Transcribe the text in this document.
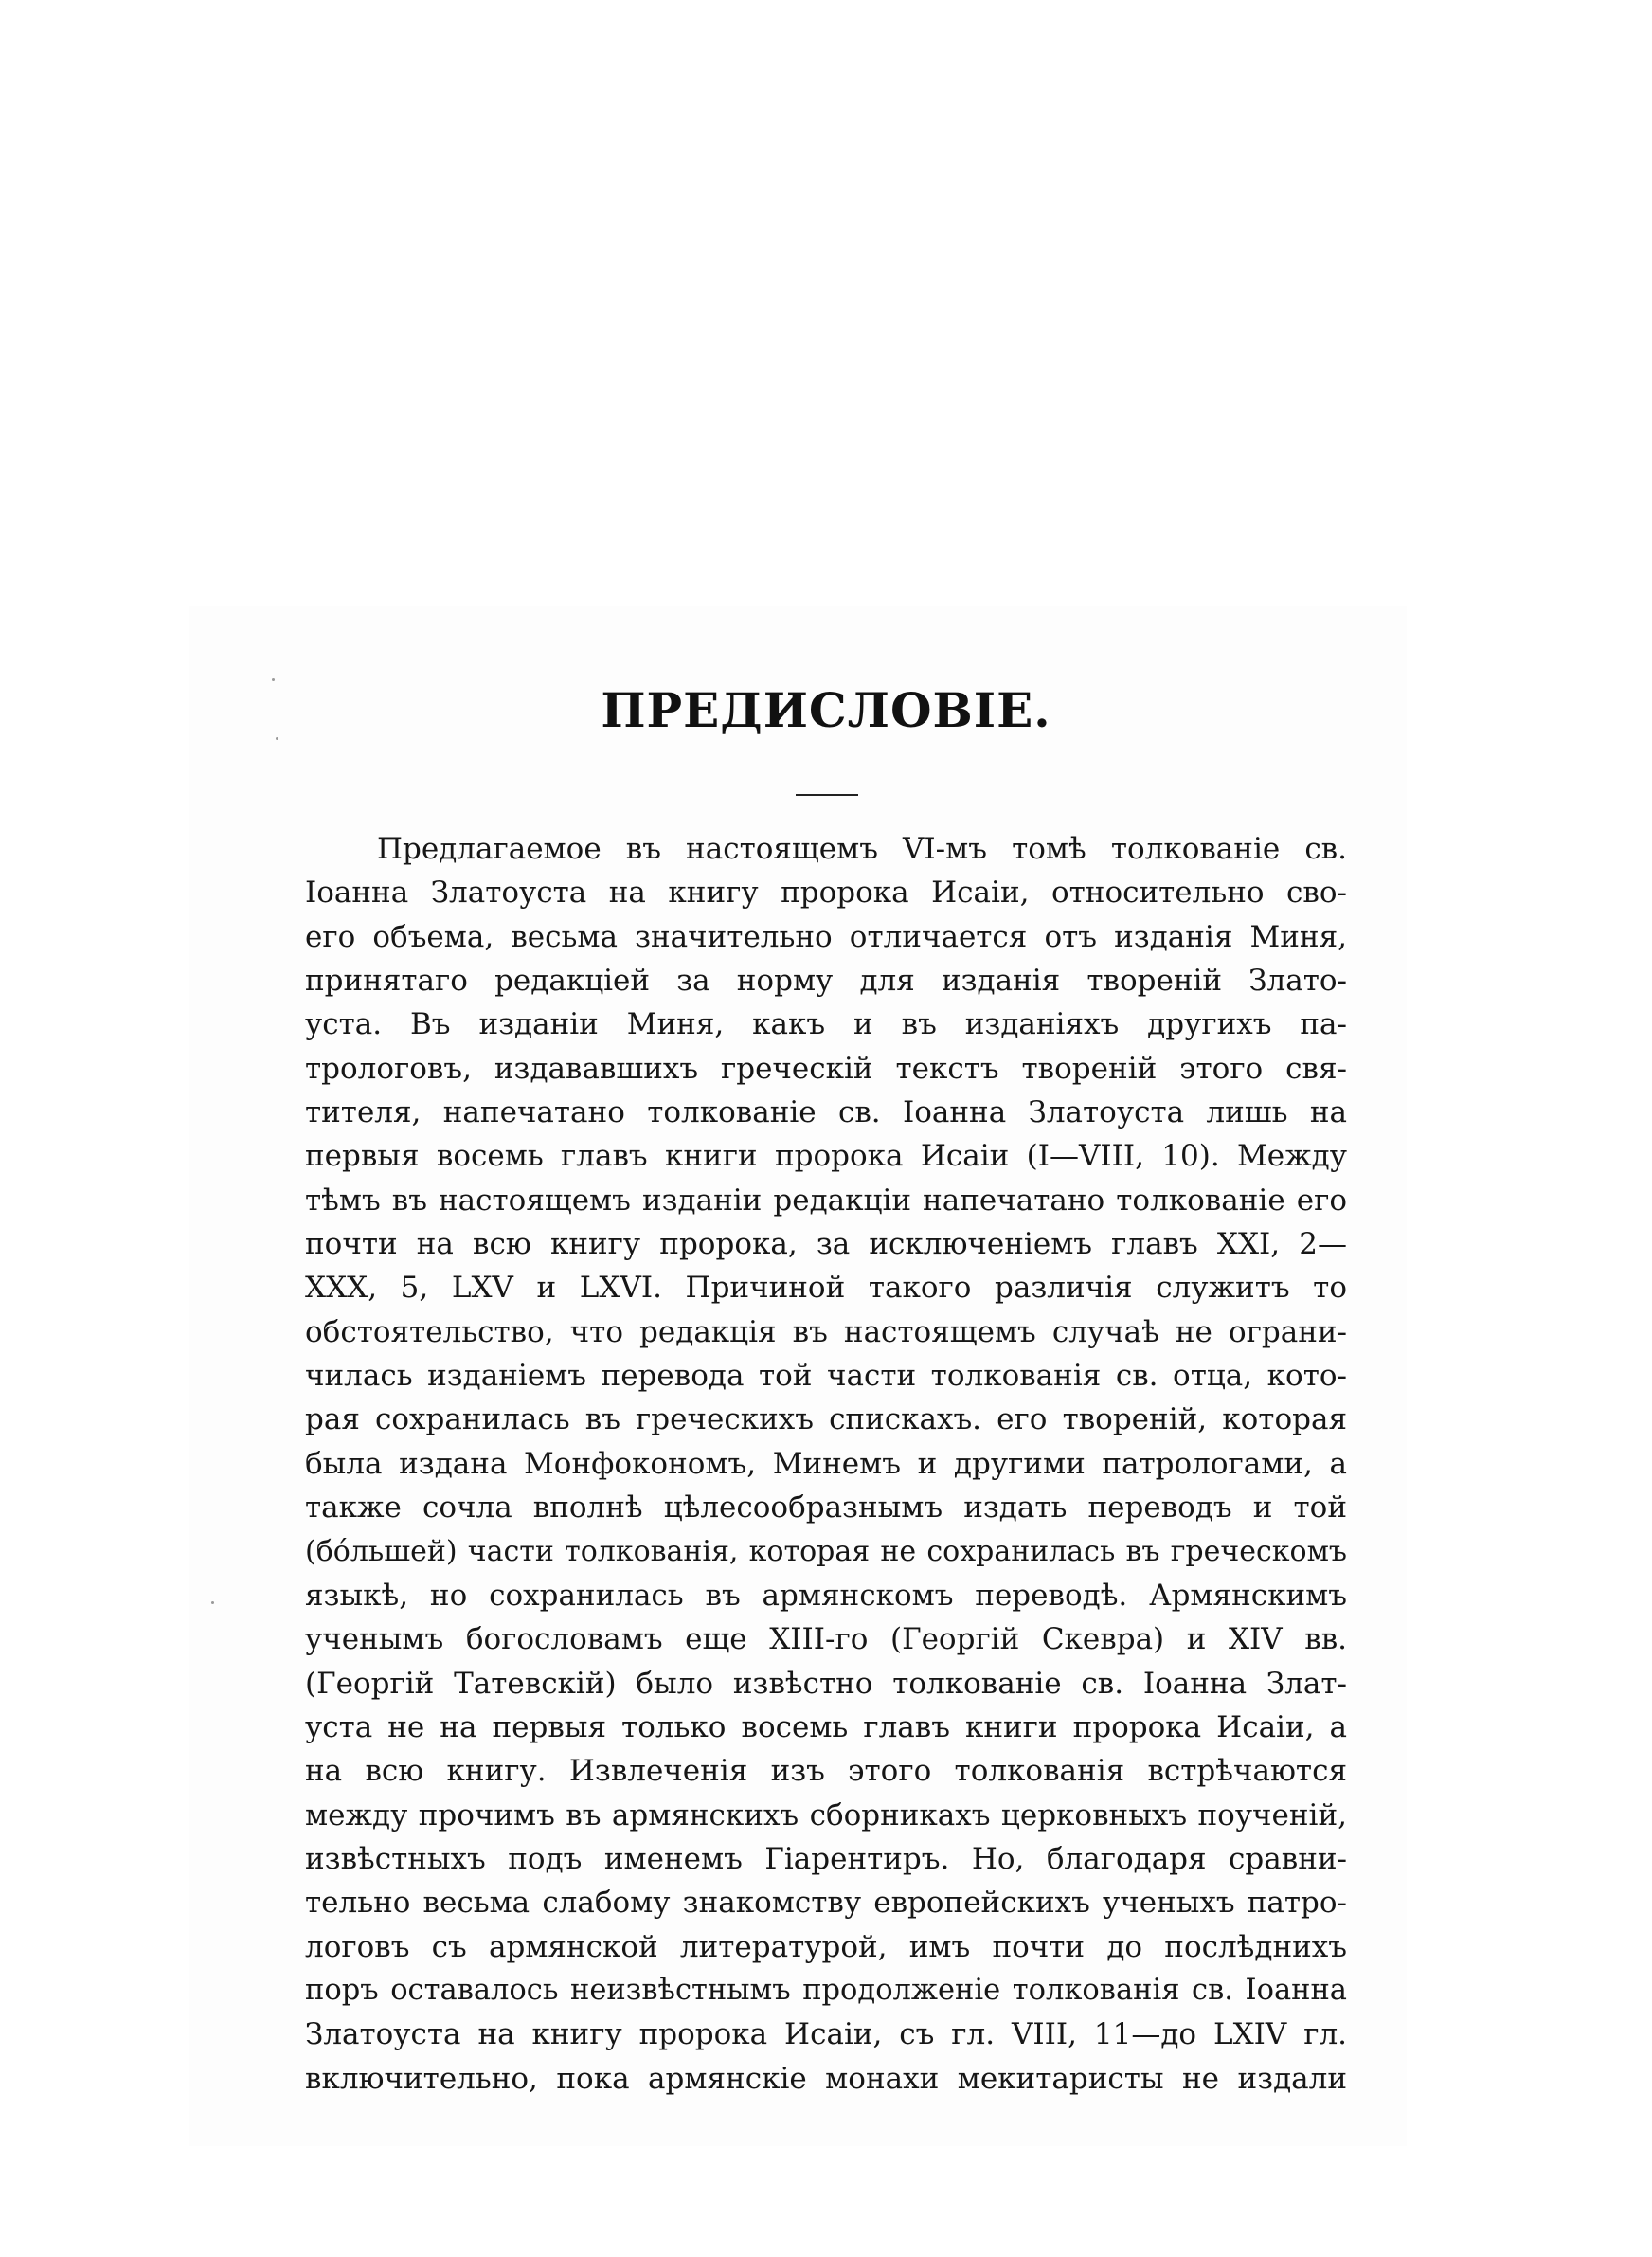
ПРЕДИСЛОВІЕ.
Предлагаемое въ настоящемъ VI-мъ томѣ толкованіе св.
Іоанна Златоуста на книгу пророка Исаіи, относительно сво-
его объема, весьма значительно отличается отъ изданія Миня,
принятаго редакціей за норму для изданія твореній Злато-
уста. Въ изданіи Миня, какъ и въ изданіяхъ другихъ па-
тpологовъ, издававшихъ греческій текстъ твореній этого свя-
тителя, напечатано толкованіе св. Іоанна Златоуста лишь на
первыя восемь главъ книги пророка Исаіи (I—VIII, 10). Между
тѣмъ въ настоящемъ изданіи редакціи напечатано толкованіе его
почти на всю книгу пророка, за исключеніемъ главъ XXI, 2—
XXX, 5, LXV и LXVI. Причиной такого различія служитъ то
обстоятельство, что редакція въ настоящемъ случаѣ не ограни-
чилась изданіемъ перевода той части толкованія св. отца, кото-
рая сохранилась въ греческихъ спискахъ. его твореній, которая
была издана Монфокономъ, Минемъ и другими патрологами, а
также сочла вполнѣ цѣлесообразнымъ издать переводъ и той
(бóльшей) части толкованія, которая не сохранилась въ греческомъ
языкѣ, но сохранилась въ армянскомъ переводѣ. Армянскимъ
ученымъ богословамъ еще XIII-го (Георгій Скевра) и XIV вв.
(Георгій Татевскій) было извѣстно толкованіе св. Іоанна Злат-
уста не на первыя только восемь главъ книги пророка Исаіи, а
на всю книгу. Извлеченія изъ этого толкованія встрѣчаются
между прочимъ въ армянскихъ сборникахъ церковныхъ поученій,
извѣстныхъ подъ именемъ Гіарентиръ. Но, благодаря сравни-
тельно весьма слабому знакомству европейскихъ ученыхъ патро-
логовъ съ армянской литературой, имъ почти до послѣднихъ
поръ оставалось неизвѣстнымъ продолженіе толкованія св. Іоанна
Златоуста на книгу пророка Исаіи, съ гл. VIII, 11—до LXIV гл.
включительно, пока армянскіе монахи мекитаристы не издали
